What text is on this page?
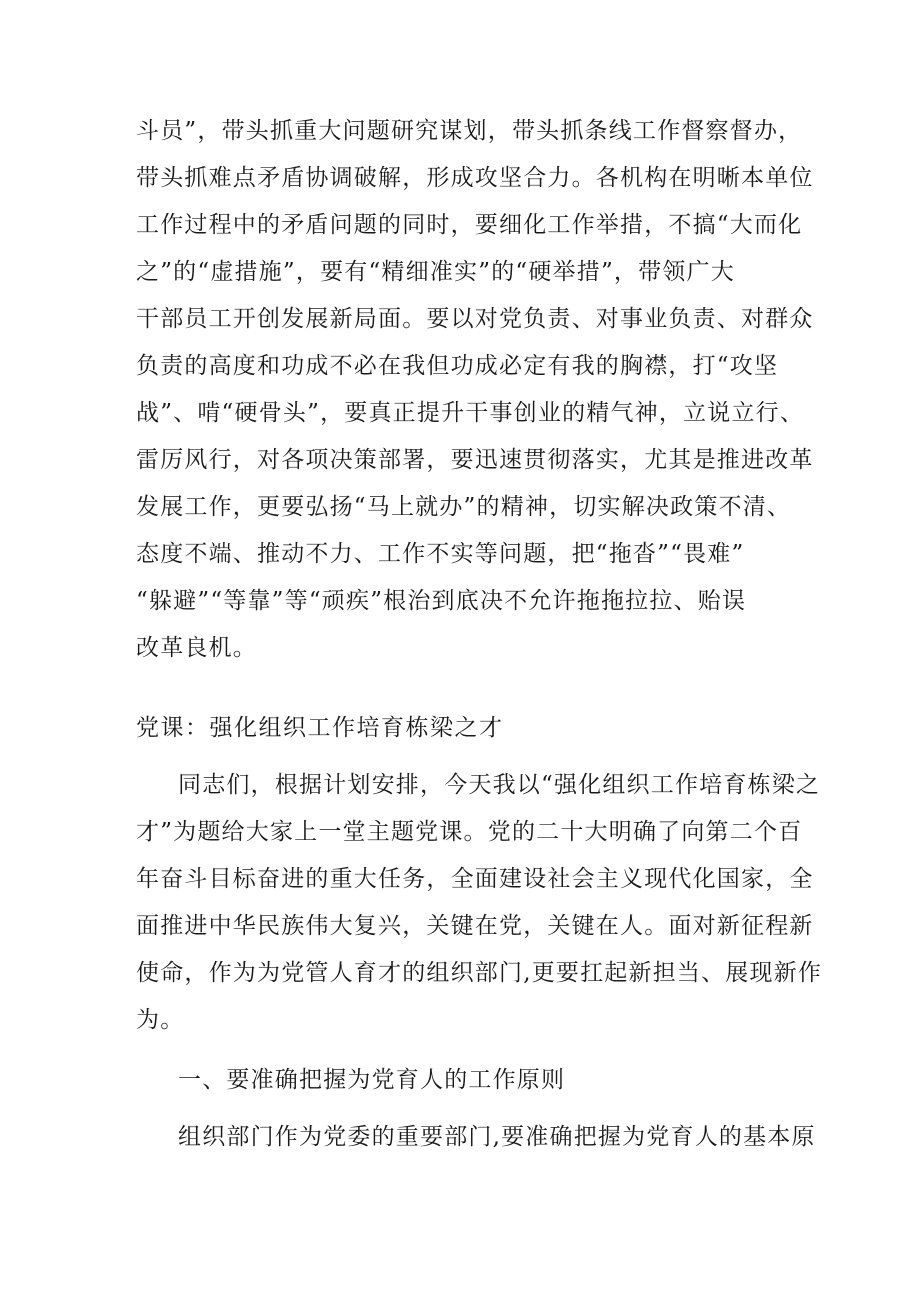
斗员”，带头抓重大问题研究谋划，带头抓条线工作督察督办，
带头抓难点矛盾协调破解，形成攻坚合力。各机构在明晰本单位
工作过程中的矛盾问题的同时，要细化工作举措，不搞“大而化
之”的“虚措施”，要有“精细准实”的“硬举措”，带领广大
干部员工开创发展新局面。要以对党负责、对事业负责、对群众
负责的高度和功成不必在我但功成必定有我的胸襟，打“攻坚
战”、啃“硬骨头”，要真正提升干事创业的精气神，立说立行、
雷厉风行，对各项决策部署，要迅速贯彻落实，尤其是推进改革
发展工作，更要弘扬“马上就办”的精神，切实解决政策不清、
态度不端、推动不力、工作不实等问题，把“拖沓”“畏难”
“躲避”“等靠”等“顽疾”根治到底决不允许拖拖拉拉、贻误
改革良机。
党课：强化组织工作培育栋梁之才
同志们，根据计划安排，今天我以“强化组织工作培育栋梁之
才”为题给大家上一堂主题党课。党的二十大明确了向第二个百
年奋斗目标奋进的重大任务，全面建设社会主义现代化国家，全
面推进中华民族伟大复兴，关键在党，关键在人。面对新征程新
使命，作为为党管人育才的组织部门,更要扛起新担当、展现新作
为。
一、要准确把握为党育人的工作原则
组织部门作为党委的重要部门,要准确把握为党育人的基本原
